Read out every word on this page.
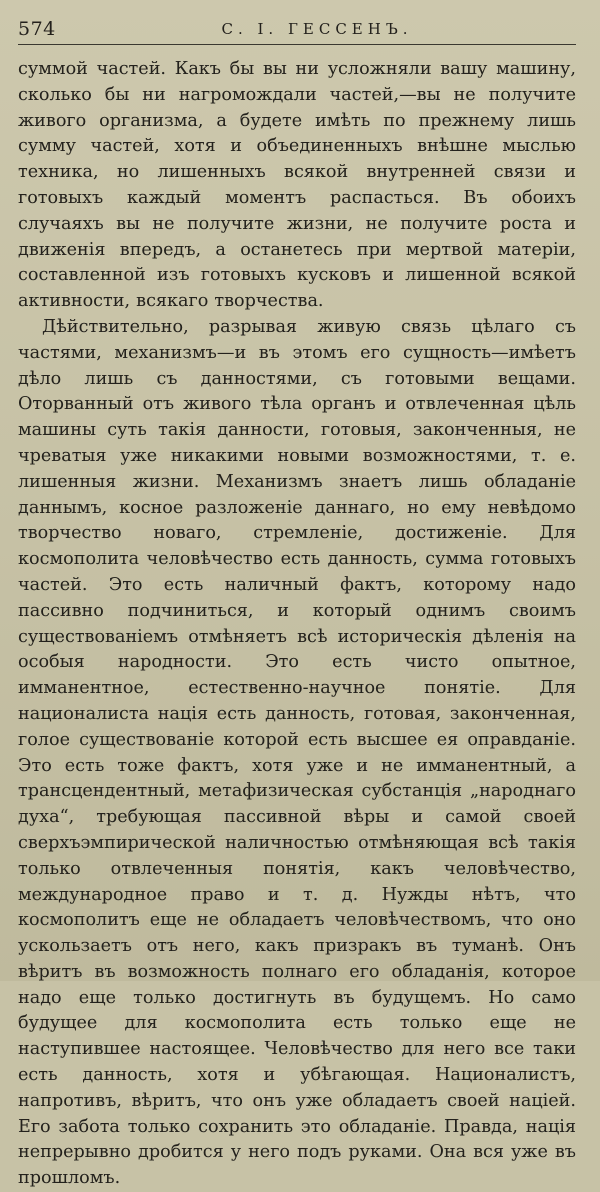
574	С. І. ГЕССЕНЪ.

суммой частей. Какъ бы вы ни усложняли вашу машину, сколько бы ни нагромождали частей,—вы не получите живого организма, а будете имѣть по прежнему лишь сумму частей, хотя и объединенныхъ внѣшне мыслью техника, но лишенныхъ всякой внутренней связи и готовыхъ каждый моментъ распасться. Въ обоихъ случаяхъ вы не получите жизни, не получите роста и движенія впередъ, а останетесь при мертвой матеріи, составленной изъ готовыхъ кусковъ и лишенной всякой активности, всякаго творчества.

Дѣйствительно, разрывая живую связь цѣлаго съ частями, механизмъ—и въ этомъ его сущность—имѣетъ дѣло лишь съ данностями, съ готовыми вещами. Оторванный отъ живого тѣла органъ и отвлеченная цѣль машины суть такія данности, готовыя, законченныя, не чреватыя уже никакими новыми возможностями, т. е. лишенныя жизни. Механизмъ знаетъ лишь обладаніе даннымъ, косное разложеніе даннаго, но ему невѣдомо творчество новаго, стремленіе, достиженіе. Для космополита человѣчество есть данность, сумма готовыхъ частей. Это есть наличный фактъ, которому надо пассивно подчиниться, и который однимъ своимъ существованіемъ отмѣняетъ всѣ историческія дѣленія на особыя народности. Это есть чисто опытное, имманентное, естественно-научное понятіе. Для националиста нація есть данность, готовая, законченная, голое существованіе которой есть высшее ея оправданіе. Это есть тоже фактъ, хотя уже и не имманентный, а трансцендентный, метафизическая субстанція „народнаго духа“, требующая пассивной вѣры и самой своей сверхъэмпирической наличностью отмѣняющая всѣ такія только отвлеченныя понятія, какъ человѣчество, международное право и т. д. Нужды нѣтъ, что космополитъ еще не обладаетъ человѣчествомъ, что оно ускользаетъ отъ него, какъ призракъ въ туманѣ. Онъ вѣритъ въ возможность полнаго его обладанія, которое надо еще только достигнуть въ будущемъ. Но само будущее для космополита есть только еще не наступившее настоящее. Человѣчество для него все таки есть данность, хотя и убѣгающая. Националистъ, напротивъ, вѣритъ, что онъ уже обладаетъ своей націей. Его забота только сохранить это обладаніе. Правда, нація непрерывно дробится у него подъ руками. Она вся уже въ прошломъ.
